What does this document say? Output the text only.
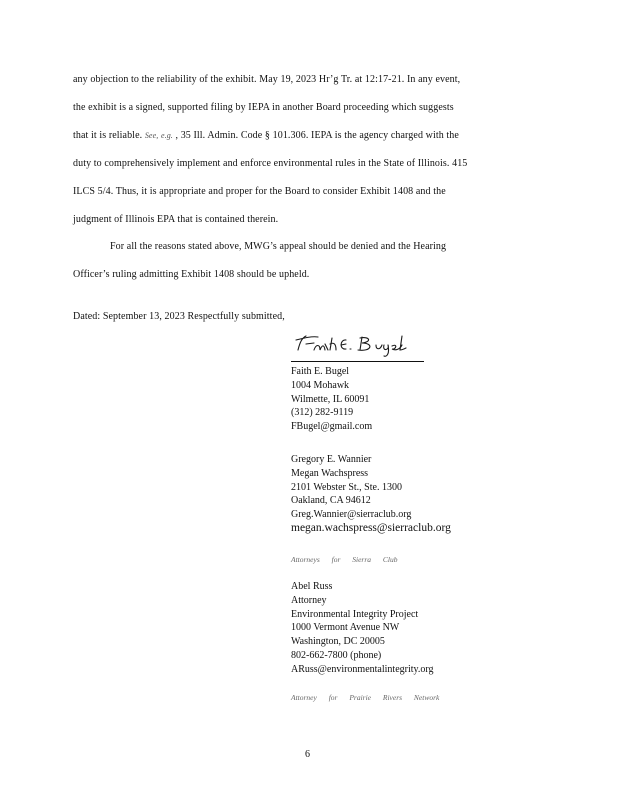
any objection to the reliability of the exhibit. May 19, 2023 Hr’g Tr. at 12:17-21. In any event,
the exhibit is a signed, supported filing by IEPA in another Board proceeding which suggests
that it is reliable. See, e.g. , 35 Ill. Admin. Code § 101.306. IEPA is the agency charged with the
duty to comprehensively implement and enforce environmental rules in the State of Illinois. 415
ILCS 5/4. Thus, it is appropriate and proper for the Board to consider Exhibit 1408 and the
judgment of Illinois EPA that is contained therein.
For all the reasons stated above, MWG’s appeal should be denied and the Hearing
Officer’s ruling admitting Exhibit 1408 should be upheld.
Dated: September 13, 2023 Respectfully submitted,
Faith E. Bugel
1004 Mohawk
Wilmette, IL 60091
(312) 282-9119
FBugel@gmail.com
Gregory E. Wannier
Megan Wachspress
2101 Webster St., Ste. 1300
Oakland, CA 94612
Greg.Wannier@sierraclub.org
megan.wachspress@sierraclub.org
Attorneys for Sierra Club
Abel Russ
Attorney
Environmental Integrity Project
1000 Vermont Avenue NW
Washington, DC 20005
802-662-7800 (phone)
ARuss@environmentalintegrity.org
Attorney for Prairie Rivers Network
6
